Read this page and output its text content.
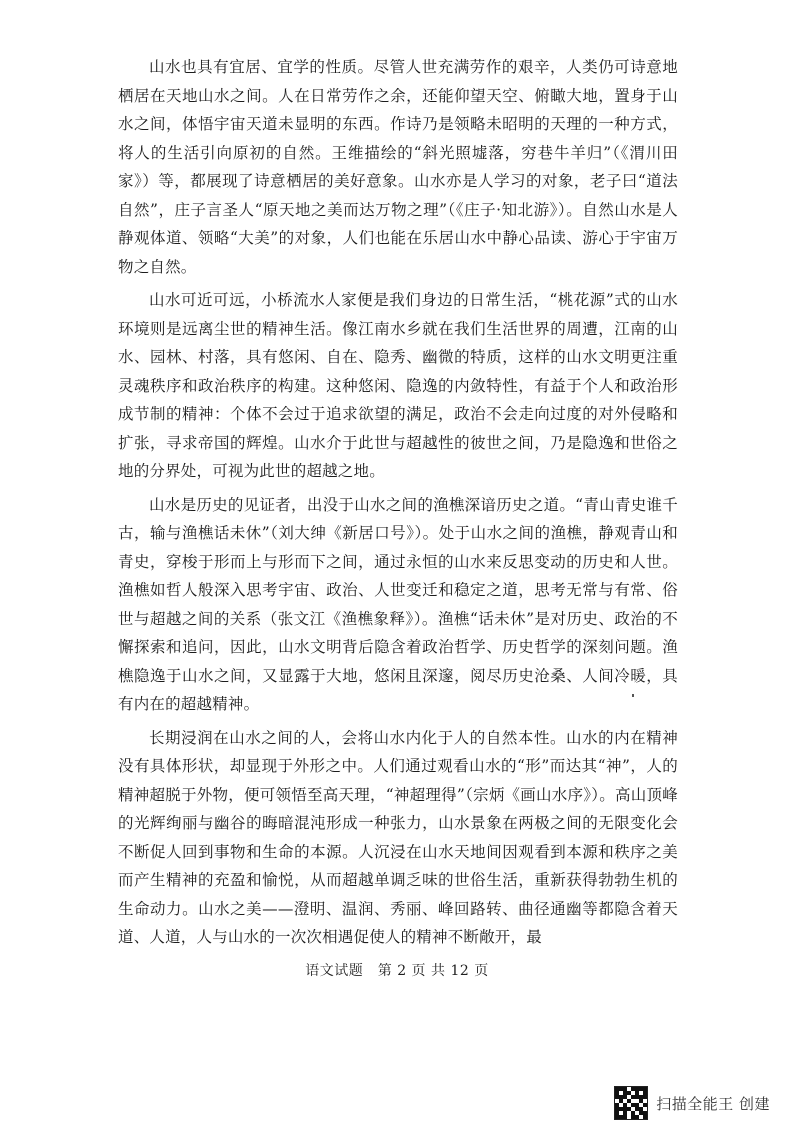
山水也具有宜居、宜学的性质。尽管人世充满劳作的艰辛，人类仍可诗意地栖居在天地山水之间。人在日常劳作之余，还能仰望天空、俯瞰大地，置身于山水之间，体悟宇宙天道未显明的东西。作诗乃是领略未昭明的天理的一种方式，将人的生活引向原初的自然。王维描绘的“斜光照墟落，穷巷牛羊归”（《渭川田家》）等，都展现了诗意栖居的美好意象。山水亦是人学习的对象，老子曰“道法自然”，庄子言圣人“原天地之美而达万物之理”（《庄子·知北游》）。自然山水是人静观体道、领略“大美”的对象，人们也能在乐居山水中静心品读、游心于宇宙万物之自然。

山水可近可远，小桥流水人家便是我们身边的日常生活，“桃花源”式的山水环境则是远离尘世的精神生活。像江南水乡就在我们生活世界的周遭，江南的山水、园林、村落，具有悠闲、自在、隐秀、幽微的特质，这样的山水文明更注重灵魂秩序和政治秩序的构建。这种悠闲、隐逸的内敛特性，有益于个人和政治形成节制的精神：个体不会过于追求欲望的满足，政治不会走向过度的对外侵略和扩张，寻求帝国的辉煌。山水介于此世与超越性的彼世之间，乃是隐逸和世俗之地的分界处，可视为此世的超越之地。

山水是历史的见证者，出没于山水之间的渔樵深谙历史之道。“青山青史谁千古，输与渔樵话未休”（刘大绅《新居口号》）。处于山水之间的渔樵，静观青山和青史，穿梭于形而上与形而下之间，通过永恒的山水来反思变动的历史和人世。渔樵如哲人般深入思考宇宙、政治、人世变迁和稳定之道，思考无常与有常、俗世与超越之间的关系（张文江《渔樵象释》）。渔樵“话未休”是对历史、政治的不懈探索和追问，因此，山水文明背后隐含着政治哲学、历史哲学的深刻问题。渔樵隐逸于山水之间，又显露于大地，悠闲且深邃，阅尽历史沧桑、人间冷暖，具有内在的超越精神。

长期浸润在山水之间的人，会将山水内化于人的自然本性。山水的内在精神没有具体形状，却显现于外形之中。人们通过观看山水的“形”而达其“神”，人的精神超脱于外物，便可领悟至高天理，“神超理得”（宗炳《画山水序》）。高山顶峰的光辉绚丽与幽谷的晦暗混沌形成一种张力，山水景象在两极之间的无限变化会不断促人回到事物和生命的本源。人沉浸在山水天地间因观看到本源和秩序之美而产生精神的充盈和愉悦，从而超越单调乏味的世俗生活，重新获得勃勃生机的生命动力。山水之美——澄明、温润、秀丽、峰回路转、曲径通幽等都隐含着天道、人道，人与山水的一次次相遇促使人的精神不断敞开，最

语文试题　第 2 页 共 12 页
扫描全能王 创建
